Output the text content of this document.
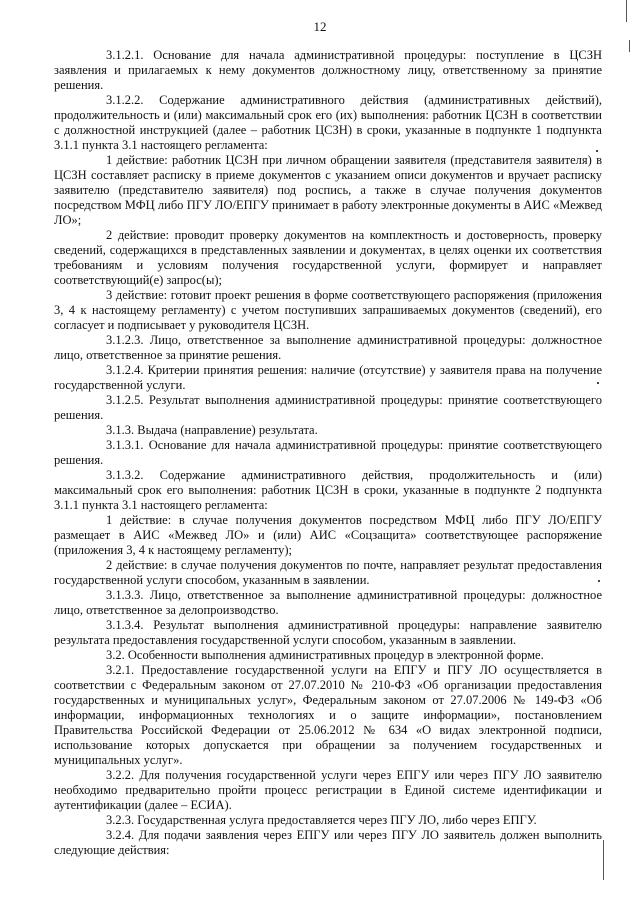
12

3.1.2.1. Основание для начала административной процедуры: поступление в ЦСЗН заявления и прилагаемых к нему документов должностному лицу, ответственному за принятие решения.

3.1.2.2. Содержание административного действия (административных действий), продолжительность и (или) максимальный срок его (их) выполнения: работник ЦСЗН в соответствии с должностной инструкцией (далее – работник ЦСЗН) в сроки, указанные в подпункте 1 подпункта 3.1.1 пункта 3.1 настоящего регламента:

1 действие: работник ЦСЗН при личном обращении заявителя (представителя заявителя) в ЦСЗН составляет расписку в приеме документов с указанием описи документов и вручает расписку заявителю (представителю заявителя) под роспись, а также в случае получения документов посредством МФЦ либо ПГУ ЛО/ЕПГУ принимает в работу электронные документы в АИС «Межвед ЛО»;

2 действие: проводит проверку документов на комплектность и достоверность, проверку сведений, содержащихся в представленных заявлении и документах, в целях оценки их соответствия требованиям и условиям получения государственной услуги, формирует и направляет соответствующий(е) запрос(ы);

3 действие: готовит проект решения в форме соответствующего распоряжения (приложения 3, 4 к настоящему регламенту) с учетом поступивших запрашиваемых документов (сведений), его согласует и подписывает у руководителя ЦСЗН.

3.1.2.3. Лицо, ответственное за выполнение административной процедуры: должностное лицо, ответственное за принятие решения.

3.1.2.4. Критерии принятия решения: наличие (отсутствие) у заявителя права на получение государственной услуги.

3.1.2.5. Результат выполнения административной процедуры: принятие соответствующего решения.

3.1.3. Выдача (направление) результата.

3.1.3.1. Основание для начала административной процедуры: принятие соответствующего решения.

3.1.3.2. Содержание административного действия, продолжительность и (или) максимальный срок его выполнения: работник ЦСЗН в сроки, указанные в подпункте 2 подпункта 3.1.1 пункта 3.1 настоящего регламента:

1 действие: в случае получения документов посредством МФЦ либо ПГУ ЛО/ЕПГУ размещает в АИС «Межвед ЛО» и (или) АИС «Соцзащита» соответствующее распоряжение (приложения 3, 4 к настоящему регламенту);

2 действие: в случае получения документов по почте, направляет результат предоставления государственной услуги способом, указанным в заявлении.

3.1.3.3. Лицо, ответственное за выполнение административной процедуры: должностное лицо, ответственное за делопроизводство.

3.1.3.4. Результат выполнения административной процедуры: направление заявителю результата предоставления государственной услуги способом, указанным в заявлении.

3.2. Особенности выполнения административных процедур в электронной форме.

3.2.1. Предоставление государственной услуги на ЕПГУ и ПГУ ЛО осуществляется в соответствии с Федеральным законом от 27.07.2010 № 210-ФЗ «Об организации предоставления государственных и муниципальных услуг», Федеральным законом от 27.07.2006 № 149-ФЗ «Об информации, информационных технологиях и о защите информации», постановлением Правительства Российской Федерации от 25.06.2012 № 634 «О видах электронной подписи, использование которых допускается при обращении за получением государственных и муниципальных услуг».

3.2.2. Для получения государственной услуги через ЕПГУ или через ПГУ ЛО заявителю необходимо предварительно пройти процесс регистрации в Единой системе идентификации и аутентификации (далее – ЕСИА).

3.2.3. Государственная услуга предоставляется через ПГУ ЛО, либо через ЕПГУ.

3.2.4. Для подачи заявления через ЕПГУ или через ПГУ ЛО заявитель должен выполнить следующие действия:
